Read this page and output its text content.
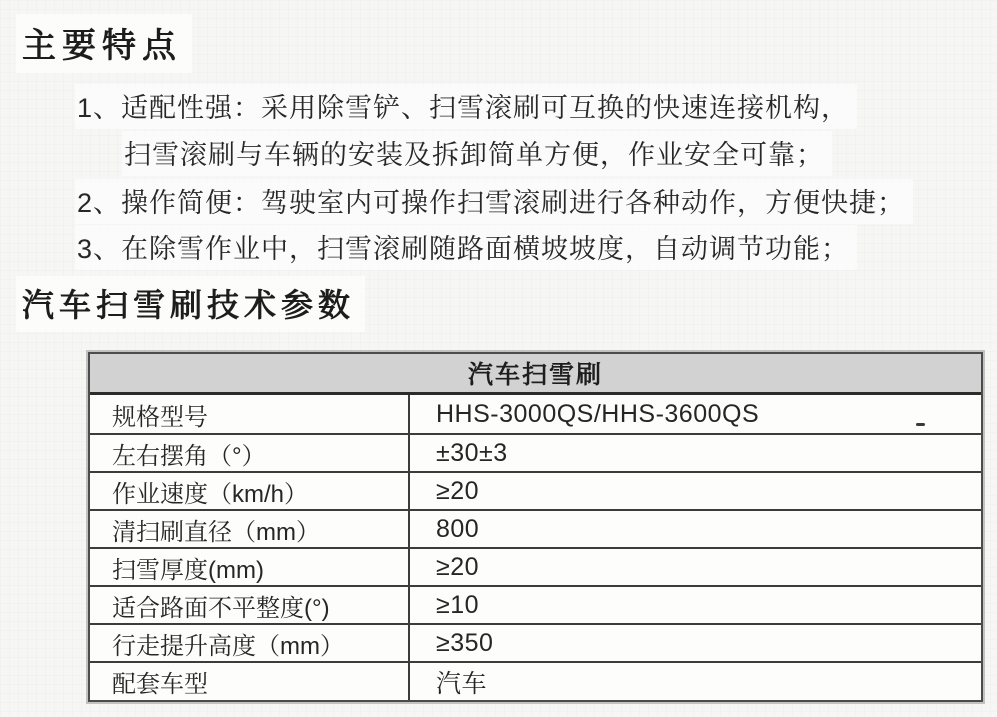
主要特点
1、适配性强：采用除雪铲、扫雪滚刷可互换的快速连接机构，
扫雪滚刷与车辆的安装及拆卸简单方便，作业安全可靠；
2、操作简便：驾驶室内可操作扫雪滚刷进行各种动作，方便快捷；
3、在除雪作业中，扫雪滚刷随路面横坡坡度，自动调节功能；
汽车扫雪刷技术参数
汽车扫雪刷
规格型号	HHS-3000QS/HHS-3600QS
左右摆角（°）	±30±3
作业速度（km/h）	≥20
清扫刷直径（mm）	800
扫雪厚度(mm)	≥20
适合路面不平整度(°)	≥10
行走提升高度（mm）	≥350
配套车型	汽车
